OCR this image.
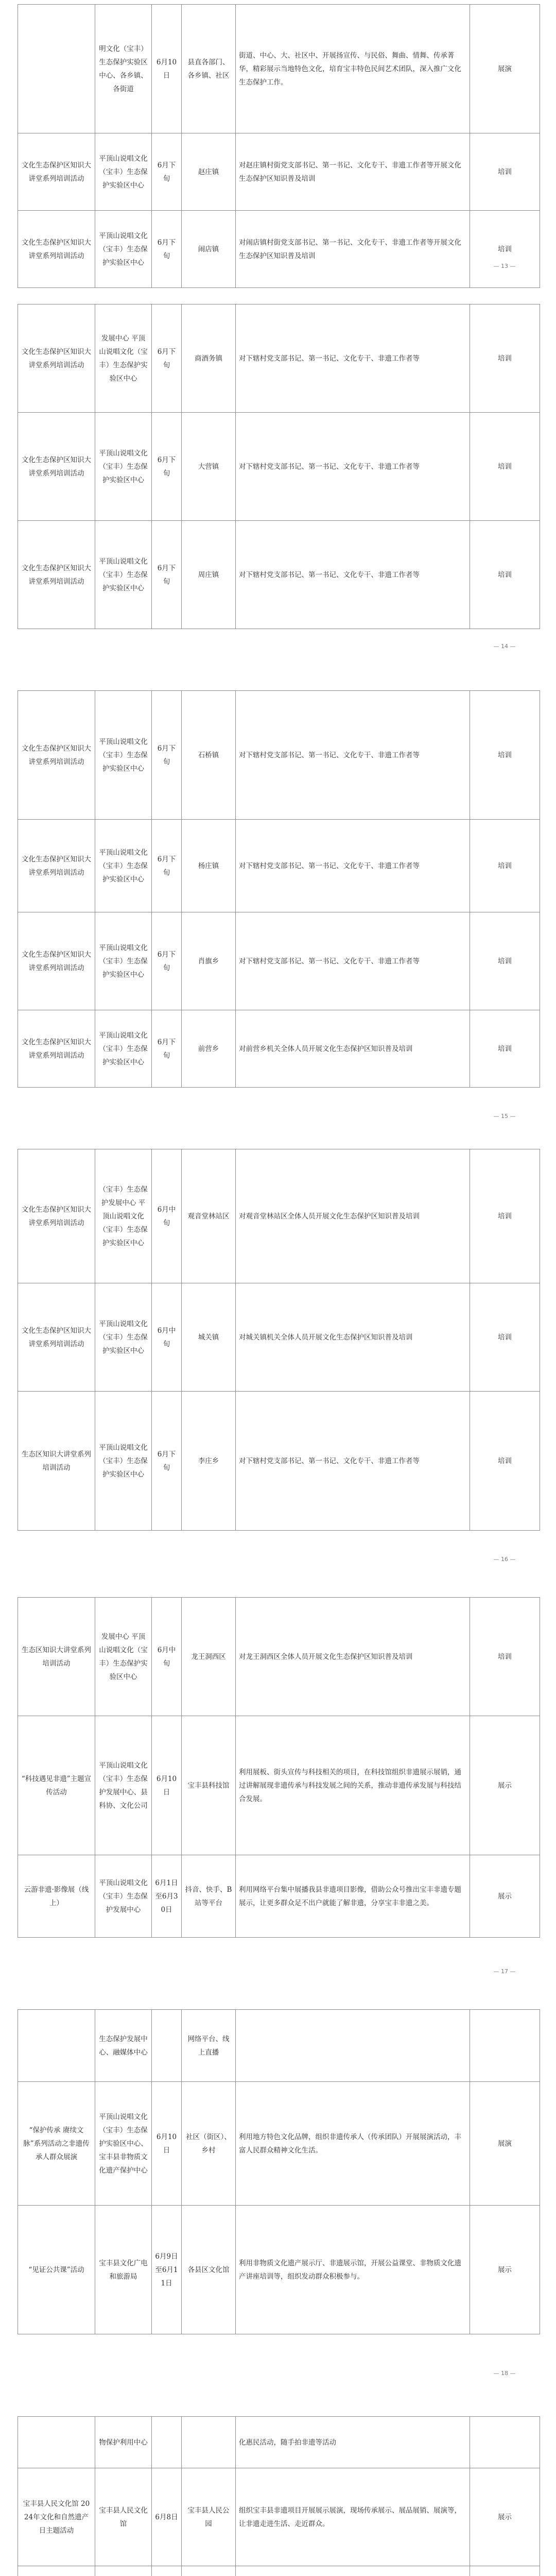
	明文化（宝丰）生态保护实验区中心、各乡镇、各街道	6月10日	县直各部门、各乡镇、社区	街道、中心、大、社区中、开展扬宣传、与民俗、舞曲、情舞、传承菁华，精彩展示当地特色文化，培育宝丰特色民间艺术团队，深入推广文化生态保护工作。	展演
文化生态保护区知识大讲堂系列培训活动	平顶山说唱文化（宝丰）生态保护实验区中心	6月下旬	赵庄镇	对赵庄镇村街党支部书记、第一书记、文化专干、非遗工作者等开展文化生态保护区知识普及培训	培训
文化生态保护区知识大讲堂系列培训活动	平顶山说唱文化（宝丰）生态保护实验区中心	6月下旬	闹店镇	对闹店镇村街党支部书记、第一书记、文化专干、非遗工作者等开展文化生态保护区知识普及培训	培训
— 13 —
文化生态保护区知识大讲堂系列培训活动	发展中心 平顶山说唱文化（宝丰）生态保护实验区中心	6月下旬	商酒务镇	对下辖村党支部书记、第一书记、文化专干、非遗工作者等	培训
文化生态保护区知识大讲堂系列培训活动	平顶山说唱文化（宝丰）生态保护实验区中心	6月下旬	大营镇	对下辖村党支部书记、第一书记、文化专干、非遗工作者等	培训
文化生态保护区知识大讲堂系列培训活动	平顶山说唱文化（宝丰）生态保护实验区中心	6月下旬	周庄镇	对下辖村党支部书记、第一书记、文化专干、非遗工作者等	培训
— 14 —
文化生态保护区知识大讲堂系列培训活动	平顶山说唱文化（宝丰）生态保护实验区中心	6月下旬	石桥镇	对下辖村党支部书记、第一书记、文化专干、非遗工作者等	培训
文化生态保护区知识大讲堂系列培训活动	平顶山说唱文化（宝丰）生态保护实验区中心	6月下旬	杨庄镇	对下辖村党支部书记、第一书记、文化专干、非遗工作者等	培训
文化生态保护区知识大讲堂系列培训活动	平顶山说唱文化（宝丰）生态保护实验区中心	6月下旬	肖旗乡	对下辖村党支部书记、第一书记、文化专干、非遗工作者等	培训
文化生态保护区知识大讲堂系列培训活动	平顶山说唱文化（宝丰）生态保护实验区中心	6月下旬	前营乡	对前营乡机关全体人员开展文化生态保护区知识普及培训	培训
— 15 —
文化生态保护区知识大讲堂系列培训活动	（宝丰）生态保护发展中心 平顶山说唱文化（宝丰）生态保护实验区中心	6月中旬	观音堂林站区	对观音堂林站区全体人员开展文化生态保护区知识普及培训	培训
文化生态保护区知识大讲堂系列培训活动	平顶山说唱文化（宝丰）生态保护实验区中心	6月中旬	城关镇	对城关镇机关全体人员开展文化生态保护区知识普及培训	培训
生态区知识大讲堂系列培训活动	平顶山说唱文化（宝丰）生态保护实验区中心	6月下旬	李庄乡	对下辖村党支部书记、第一书记、文化专干、非遗工作者等	培训
— 16 —
生态区知识大讲堂系列培训活动	发展中心 平顶山说唱文化（宝丰）生态保护实验区中心	6月中旬	龙王洞西区	对龙王洞西区全体人员开展文化生态保护区知识普及培训	培训
“科技遇见非遗”主题宣传活动	平顶山说唱文化（宝丰）生态保护发展中心、县科协、文化公司	6月10日	宝丰县科技馆	利用展板、街头宣传与科技相关的项目，在科技馆组织非遗展示展销，通过讲解展现非遗传承与科技发展之间的关系，推动非遗传承发展与科技结合发展。	展示
云游非遗·影像展（线上）	平顶山说唱文化（宝丰）生态保护发展中心	6月1日至6月30日	抖音、快手、B站等平台	利用网络平台集中展播我县非遗项目影像，借助公众号推出宝丰非遗专题展示，让更多群众足不出户就能了解非遗，分享宝丰非遗之美。	展示
— 17 —
	生态保护发展中心、融媒体中心		网络平台、线上直播		
“保护传承 赓续文脉”系列活动之非遗传承人群众展演	平顶山说唱文化（宝丰）生态保护实验区中心、宝丰县非物质文化遗产保护中心	6月10日	社区（街区）、乡村	利用地方特色文化品牌，组织非遗传承人（传承团队）开展展演活动，丰富人民群众精神文化生活。	展演
“见证公共课”活动	宝丰县文化广电和旅游局	6月9日至6月11日	各县区文化馆	利用非物质文化遗产展示厅、非遗展示馆，开展公益课堂、非物质文化遗产讲座培训等，组织发动群众积极参与。	展示
— 18 —
	物保护利用中心			化惠民活动，随手拍非遗等活动	
宝丰县人民文化馆 2024年文化和自然遗产日主题活动	宝丰县人民文化馆	6月8日	宝丰县人民公园	组织宝丰县非遗项目开展展示展演，现场传承展示、展品展销、展演等，让非遗走进生活、走近群众。	展示
